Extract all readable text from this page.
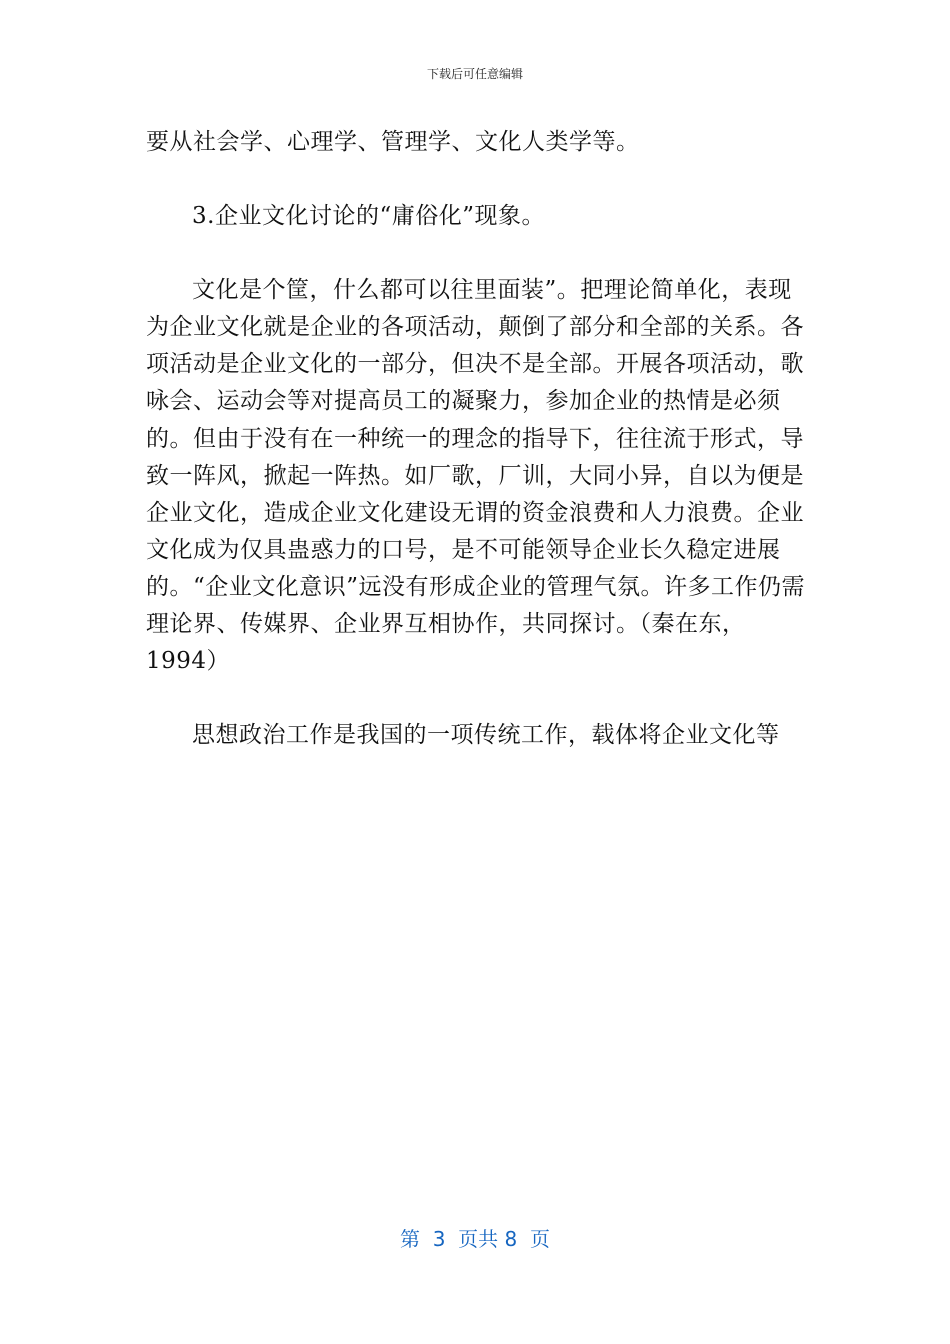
下载后可任意编辑

要从社会学、心理学、管理学、文化人类学等。

3.企业文化讨论的“庸俗化”现象。

文化是个筐，什么都可以往里面装”。把理论简单化，表现为企业文化就是企业的各项活动，颠倒了部分和全部的关系。各项活动是企业文化的一部分，但决不是全部。开展各项活动，歌咏会、运动会等对提高员工的凝聚力，参加企业的热情是必须的。但由于没有在一种统一的理念的指导下，往往流于形式，导致一阵风，掀起一阵热。如厂歌，厂训，大同小异，自以为便是企业文化，造成企业文化建设无谓的资金浪费和人力浪费。企业文化成为仅具蛊惑力的口号，是不可能领导企业长久稳定进展的。“企业文化意识”远没有形成企业的管理气氛。许多工作仍需理论界、传媒界、企业界互相协作，共同探讨。（秦在东，1994）

思想政治工作是我国的一项传统工作，载体将企业文化等

第  3  页共 8  页
